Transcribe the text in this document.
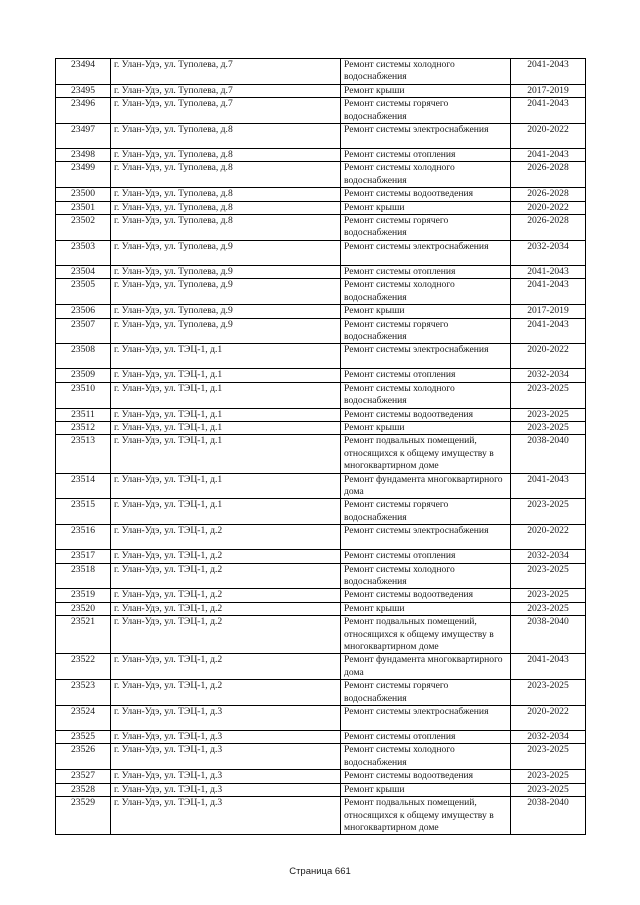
23494	г. Улан-Удэ, ул. Туполева, д.7	Ремонт системы холодного водоснабжения	2041-2043
23495	г. Улан-Удэ, ул. Туполева, д.7	Ремонт крыши	2017-2019
23496	г. Улан-Удэ, ул. Туполева, д.7	Ремонт системы горячего водоснабжения	2041-2043
23497	г. Улан-Удэ, ул. Туполева, д.8	Ремонт системы электроснабжения	2020-2022
23498	г. Улан-Удэ, ул. Туполева, д.8	Ремонт системы отопления	2041-2043
23499	г. Улан-Удэ, ул. Туполева, д.8	Ремонт системы холодного водоснабжения	2026-2028
23500	г. Улан-Удэ, ул. Туполева, д.8	Ремонт системы водоотведения	2026-2028
23501	г. Улан-Удэ, ул. Туполева, д.8	Ремонт крыши	2020-2022
23502	г. Улан-Удэ, ул. Туполева, д.8	Ремонт системы горячего водоснабжения	2026-2028
23503	г. Улан-Удэ, ул. Туполева, д.9	Ремонт системы электроснабжения	2032-2034
23504	г. Улан-Удэ, ул. Туполева, д.9	Ремонт системы отопления	2041-2043
23505	г. Улан-Удэ, ул. Туполева, д.9	Ремонт системы холодного водоснабжения	2041-2043
23506	г. Улан-Удэ, ул. Туполева, д.9	Ремонт крыши	2017-2019
23507	г. Улан-Удэ, ул. Туполева, д.9	Ремонт системы горячего водоснабжения	2041-2043
23508	г. Улан-Удэ, ул. ТЭЦ-1, д.1	Ремонт системы электроснабжения	2020-2022
23509	г. Улан-Удэ, ул. ТЭЦ-1, д.1	Ремонт системы отопления	2032-2034
23510	г. Улан-Удэ, ул. ТЭЦ-1, д.1	Ремонт системы холодного водоснабжения	2023-2025
23511	г. Улан-Удэ, ул. ТЭЦ-1, д.1	Ремонт системы водоотведения	2023-2025
23512	г. Улан-Удэ, ул. ТЭЦ-1, д.1	Ремонт крыши	2023-2025
23513	г. Улан-Удэ, ул. ТЭЦ-1, д.1	Ремонт подвальных помещений, относящихся к общему имуществу в многоквартирном доме	2038-2040
23514	г. Улан-Удэ, ул. ТЭЦ-1, д.1	Ремонт фундамента многоквартирного дома	2041-2043
23515	г. Улан-Удэ, ул. ТЭЦ-1, д.1	Ремонт системы горячего водоснабжения	2023-2025
23516	г. Улан-Удэ, ул. ТЭЦ-1, д.2	Ремонт системы электроснабжения	2020-2022
23517	г. Улан-Удэ, ул. ТЭЦ-1, д.2	Ремонт системы отопления	2032-2034
23518	г. Улан-Удэ, ул. ТЭЦ-1, д.2	Ремонт системы холодного водоснабжения	2023-2025
23519	г. Улан-Удэ, ул. ТЭЦ-1, д.2	Ремонт системы водоотведения	2023-2025
23520	г. Улан-Удэ, ул. ТЭЦ-1, д.2	Ремонт крыши	2023-2025
23521	г. Улан-Удэ, ул. ТЭЦ-1, д.2	Ремонт подвальных помещений, относящихся к общему имуществу в многоквартирном доме	2038-2040
23522	г. Улан-Удэ, ул. ТЭЦ-1, д.2	Ремонт фундамента многоквартирного дома	2041-2043
23523	г. Улан-Удэ, ул. ТЭЦ-1, д.2	Ремонт системы горячего водоснабжения	2023-2025
23524	г. Улан-Удэ, ул. ТЭЦ-1, д.3	Ремонт системы электроснабжения	2020-2022
23525	г. Улан-Удэ, ул. ТЭЦ-1, д.3	Ремонт системы отопления	2032-2034
23526	г. Улан-Удэ, ул. ТЭЦ-1, д.3	Ремонт системы холодного водоснабжения	2023-2025
23527	г. Улан-Удэ, ул. ТЭЦ-1, д.3	Ремонт системы водоотведения	2023-2025
23528	г. Улан-Удэ, ул. ТЭЦ-1, д.3	Ремонт крыши	2023-2025
23529	г. Улан-Удэ, ул. ТЭЦ-1, д.3	Ремонт подвальных помещений, относящихся к общему имуществу в многоквартирном доме	2038-2040
Страница 661
